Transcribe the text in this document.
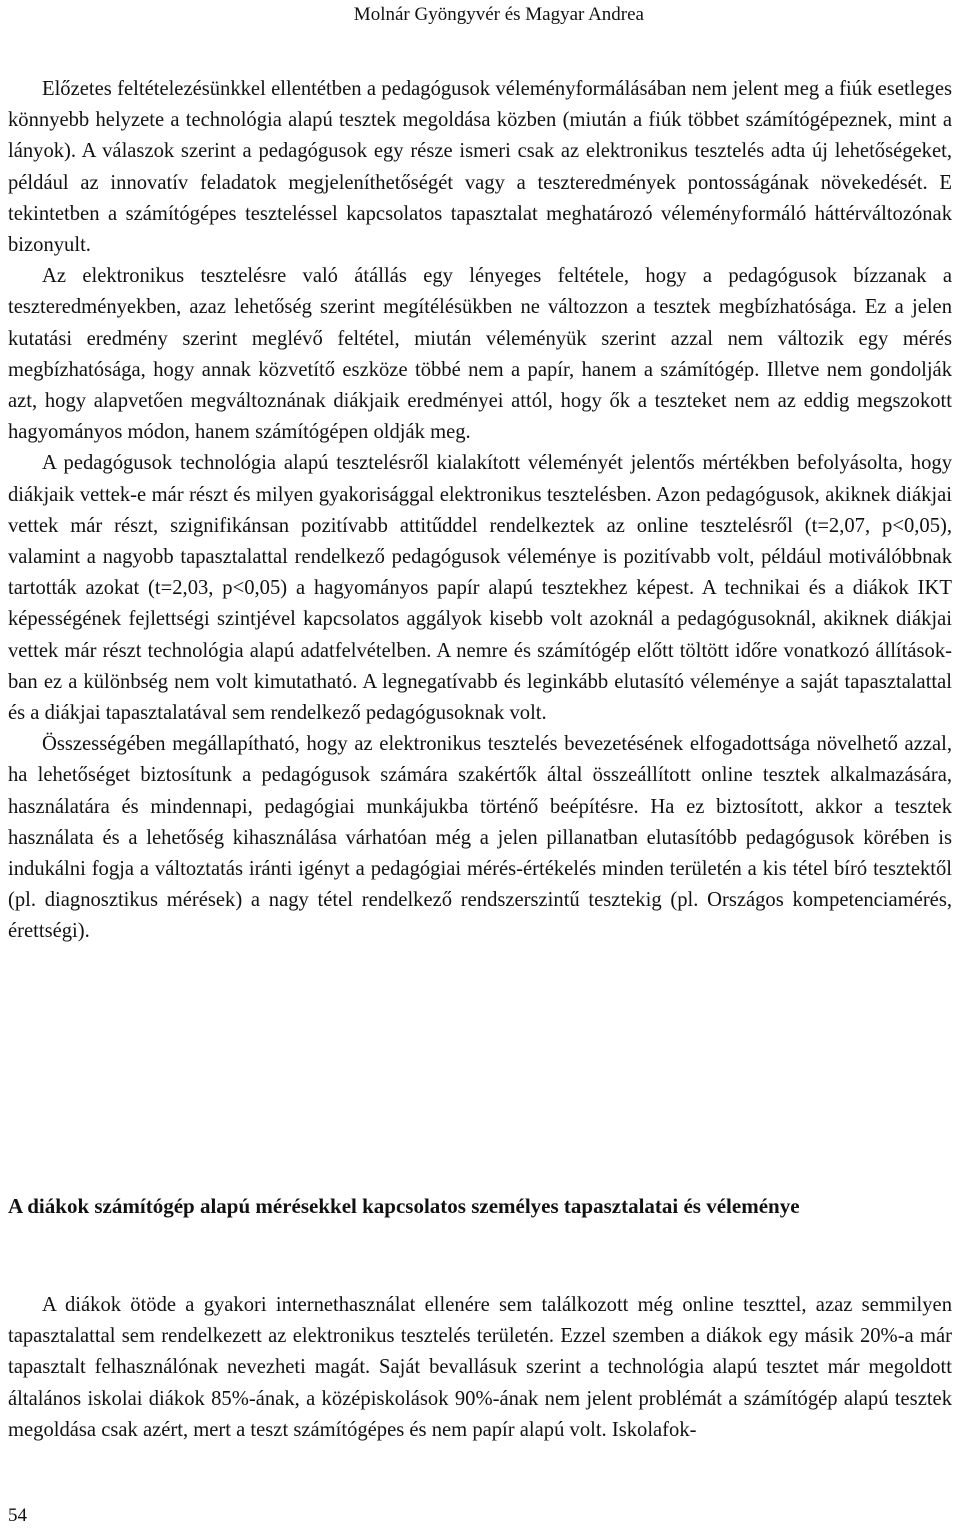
Molnár Gyöngyvér és Magyar Andrea

Előzetes feltételezésünkkel ellentétben a pedagógusok véleményformálásában nem jelent meg a fiúk esetleges könnyebb helyzete a technológia alapú tesztek megoldása közben (miután a fiúk többet számítógépeznek, mint a lányok). A válaszok szerint a pedagógusok egy része ismeri csak az elektronikus tesztelés adta új lehetőségeket, például az innovatív feladatok megjeleníthetőségét vagy a teszteredmények pontosságának növekedését. E tekintetben a számítógépes teszteléssel kapcsolatos tapasztalat meghatározó véleményformáló háttérváltozónak bizonyult.

Az elektronikus tesztelésre való átállás egy lényeges feltétele, hogy a pedagógusok bízzanak a teszteredményekben, azaz lehetőség szerint megítélésükben ne változzon a tesztek megbízhatósága. Ez a jelen kutatási eredmény szerint meglévő feltétel, miután véleményük szerint azzal nem változik egy mérés megbízhatósága, hogy annak közvetítő eszköze többé nem a papír, hanem a számítógép. Illetve nem gondolják azt, hogy alapvetően megváltoznának diákjaik eredményei attól, hogy ők a teszteket nem az eddig megszokott hagyományos módon, hanem számítógépen oldják meg.

A pedagógusok technológia alapú tesztelésről kialakított véleményét jelentős mértékben befolyásolta, hogy diákjaik vettek-e már részt és milyen gyakorisággal elektronikus tesztelésben. Azon pedagógusok, akiknek diákjai vettek már részt, szignifikánsan pozitívabb attitűddel rendelkeztek az online tesztelésről (t=2,07, p<0,05), valamint a nagyobb tapasztalattal rendelkező pedagógusok véleménye is pozitívabb volt, például motiválóbbnak tartották azokat (t=2,03, p<0,05) a hagyományos papír alapú tesztekhez képest. A technikai és a diákok IKT képességének fejlettségi szintjével kapcsolatos aggályok kisebb volt azoknál a pedagógusoknál, akiknek diákjai vettek már részt technológia alapú adatfelvételben. A nemre és számítógép előtt töltött időre vonatkozó állításokban ez a különbség nem volt kimutatható. A legnegatívabb és leginkább elutasító véleménye a saját tapasztalattal és a diákjai tapasztalatával sem rendelkező pedagógusoknak volt.

Összességében megállapítható, hogy az elektronikus tesztelés bevezetésének elfogadottsága növelhető azzal, ha lehetőséget biztosítunk a pedagógusok számára szakértők által összeállított online tesztek alkalmazására, használatára és mindennapi, pedagógiai munkájukba történő beépítésre. Ha ez biztosított, akkor a tesztek használata és a lehetőség kihasználása várhatóan még a jelen pillanatban elutasítóbb pedagógusok körében is indukálni fogja a változtatás iránti igényt a pedagógiai mérés-értékelés minden területén a kis tétel bíró tesztektől (pl. diagnosztikus mérések) a nagy tétel rendelkező rendszerszintű tesztekig (pl. Országos kompetenciamérés, érettségi).

A diákok számítógép alapú mérésekkel kapcsolatos személyes tapasztalatai és véleménye

A diákok ötöde a gyakori internethasználat ellenére sem találkozott még online teszttel, azaz semmilyen tapasztalattal sem rendelkezett az elektronikus tesztelés területén. Ezzel szemben a diákok egy másik 20%-a már tapasztalt felhasználónak nevezheti magát. Saját bevallásuk szerint a technológia alapú tesztet már megoldott általános iskolai diákok 85%-ának, a középiskolások 90%-ának nem jelent problémát a számítógép alapú tesztek megoldása csak azért, mert a teszt számítógépes és nem papír alapú volt. Iskolafok-

54
